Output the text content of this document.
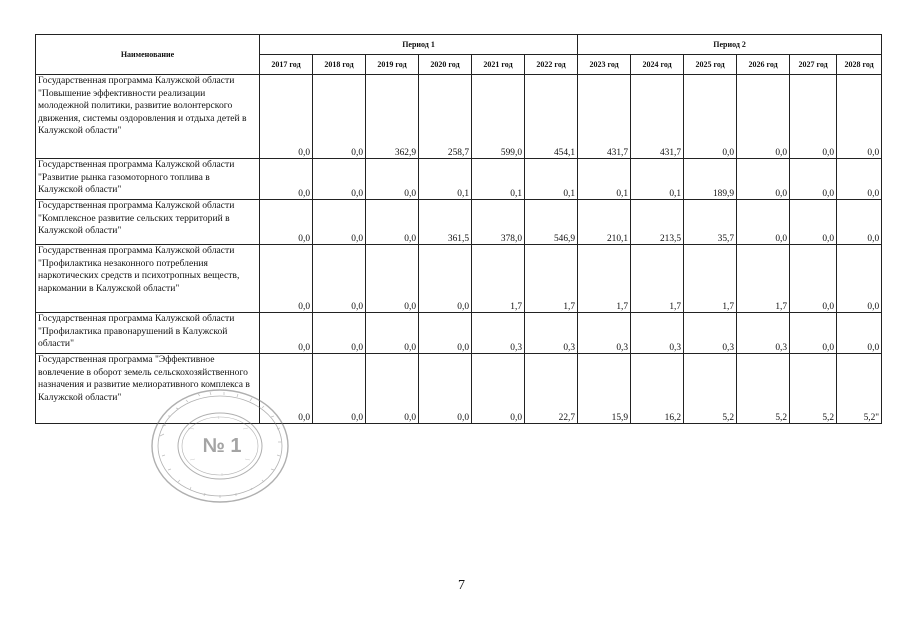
Наименование	Период 1						Период 2					
	2017 год	2018 год	2019 год	2020 год	2021 год	2022 год	2023 год	2024 год	2025 год	2026 год	2027 год	2028 год
Государственная программа Калужской области "Повышение эффективности реализации молодежной политики, развитие волонтерского движения, системы оздоровления и отдыха детей в Калужской области"	0,0	0,0	362,9	258,7	599,0	454,1	431,7	431,7	0,0	0,0	0,0	0,0
Государственная программа Калужской области "Развитие рынка газомоторного топлива в Калужской области"	0,0	0,0	0,0	0,1	0,1	0,1	0,1	0,1	189,9	0,0	0,0	0,0
Государственная программа Калужской области "Комплексное развитие сельских территорий в Калужской области"	0,0	0,0	0,0	361,5	378,0	546,9	210,1	213,5	35,7	0,0	0,0	0,0
Государственная программа Калужской области "Профилактика незаконного потребления наркотических средств и психотропных веществ, наркомании в Калужской области"	0,0	0,0	0,0	0,0	1,7	1,7	1,7	1,7	1,7	1,7	0,0	0,0
Государственная программа Калужской области "Профилактика правонарушений в Калужской области"	0,0	0,0	0,0	0,0	0,3	0,3	0,3	0,3	0,3	0,3	0,0	0,0
Государственная программа "Эффективное вовлечение в оборот земель сельскохозяйственного назначения и развитие мелиоративного комплекса в Калужской области"	0,0	0,0	0,0	0,0	0,0	22,7	15,9	16,2	5,2	5,2	5,2	5,2"
№ 1
7
